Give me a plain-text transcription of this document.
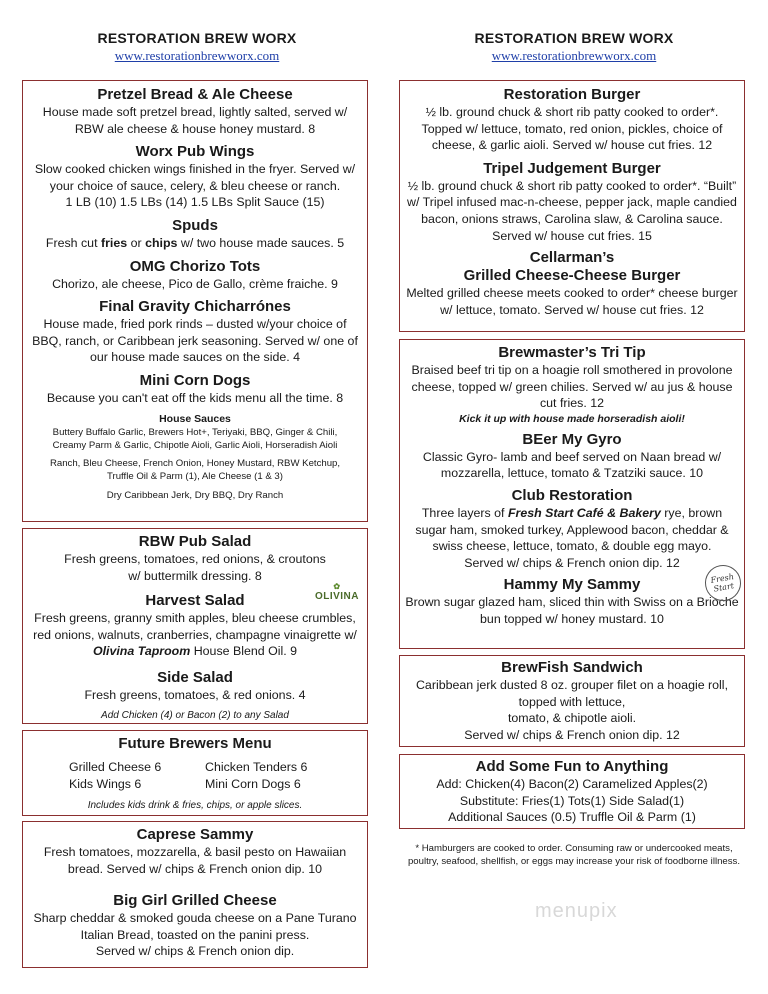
RESTORATION BREW WORX
www.restorationbrewworx.com
Pretzel Bread & Ale Cheese
House made soft pretzel bread, lightly salted, served w/
RBW ale cheese & house honey mustard. 8
Worx Pub Wings
Slow cooked chicken wings finished in the fryer. Served w/
your choice of sauce, celery, & bleu cheese or ranch.
1 LB (10) 1.5 LBs (14) 1.5 LBs Split Sauce (15)
Spuds
Fresh cut fries or chips w/ two house made sauces. 5
OMG Chorizo Tots
Chorizo, ale cheese, Pico de Gallo, crème fraiche. 9
Final Gravity Chicharrónes
House made, fried pork rinds – dusted w/your choice of
BBQ, ranch, or Caribbean jerk seasoning. Served w/ one of
our house made sauces on the side. 4
Mini Corn Dogs
Because you can't eat off the kids menu all the time. 8
House Sauces
Buttery Buffalo Garlic, Brewers Hot+, Teriyaki, BBQ, Ginger & Chili,
Creamy Parm & Garlic, Chipotle Aioli, Garlic Aioli, Horseradish Aioli
Ranch, Bleu Cheese, French Onion, Honey Mustard, RBW Ketchup,
Truffle Oil & Parm (1), Ale Cheese (1 & 3)
Dry Caribbean Jerk, Dry BBQ, Dry Ranch
✿
OLIVINA
RBW Pub Salad
Fresh greens, tomatoes, red onions, & croutons
w/ buttermilk dressing. 8
Harvest Salad
Fresh greens, granny smith apples, bleu cheese crumbles,
red onions, walnuts, cranberries, champagne vinaigrette w/
Olivina Taproom House Blend Oil. 9
Side Salad
Fresh greens, tomatoes, & red onions. 4
Add Chicken (4) or Bacon (2) to any Salad
Future Brewers Menu
Grilled Cheese 6	Chicken Tenders 6
Kids Wings 6	Mini Corn Dogs 6
Includes kids drink & fries, chips, or apple slices.
Caprese Sammy
Fresh tomatoes, mozzarella, & basil pesto on Hawaiian
bread. Served w/ chips & French onion dip. 10
Big Girl Grilled Cheese
Sharp cheddar & smoked gouda cheese on a Pane Turano
Italian Bread, toasted on the panini press.
Served w/ chips & French onion dip.
RESTORATION BREW WORX
www.restorationbrewworx.com
Restoration Burger
½ lb. ground chuck & short rib patty cooked to order*.
Topped w/ lettuce, tomato, red onion, pickles, choice of
cheese, & garlic aioli. Served w/ house cut fries. 12
Tripel Judgement Burger
½ lb. ground chuck & short rib patty cooked to order*. “Built”
w/ Tripel infused mac-n-cheese, pepper jack, maple candied
bacon, onions straws, Carolina slaw, & Carolina sauce.
Served w/ house cut fries. 15
Cellarman’s
Grilled Cheese-Cheese Burger
Melted grilled cheese meets cooked to order* cheese burger
w/ lettuce, tomato. Served w/ house cut fries. 12
Fresh Start
Brewmaster’s Tri Tip
Braised beef tri tip on a hoagie roll smothered in provolone
cheese, topped w/ green chilies. Served w/ au jus & house
cut fries. 12
Kick it up with house made horseradish aioli!
BEer My Gyro
Classic Gyro- lamb and beef served on Naan bread w/
mozzarella, lettuce, tomato & Tzatziki sauce. 10
Club Restoration
Three layers of Fresh Start Café & Bakery rye, brown
sugar ham, smoked turkey, Applewood bacon, cheddar &
swiss cheese, lettuce, tomato, & double egg mayo.
Served w/ chips & French onion dip. 12
Hammy My Sammy
Brown sugar glazed ham, sliced thin with Swiss on a Brioche
bun topped w/ honey mustard. 10
BrewFish Sandwich
Caribbean jerk dusted 8 oz. grouper filet on a hoagie roll,
topped with lettuce,
tomato, & chipotle aioli.
Served w/ chips & French onion dip. 12
Add Some Fun to Anything
Add: Chicken(4) Bacon(2) Caramelized Apples(2)
Substitute: Fries(1) Tots(1) Side Salad(1)
Additional Sauces (0.5) Truffle Oil & Parm (1)
* Hamburgers are cooked to order. Consuming raw or undercooked meats,
poultry, seafood, shellfish, or eggs may increase your risk of foodborne illness.
menupix
